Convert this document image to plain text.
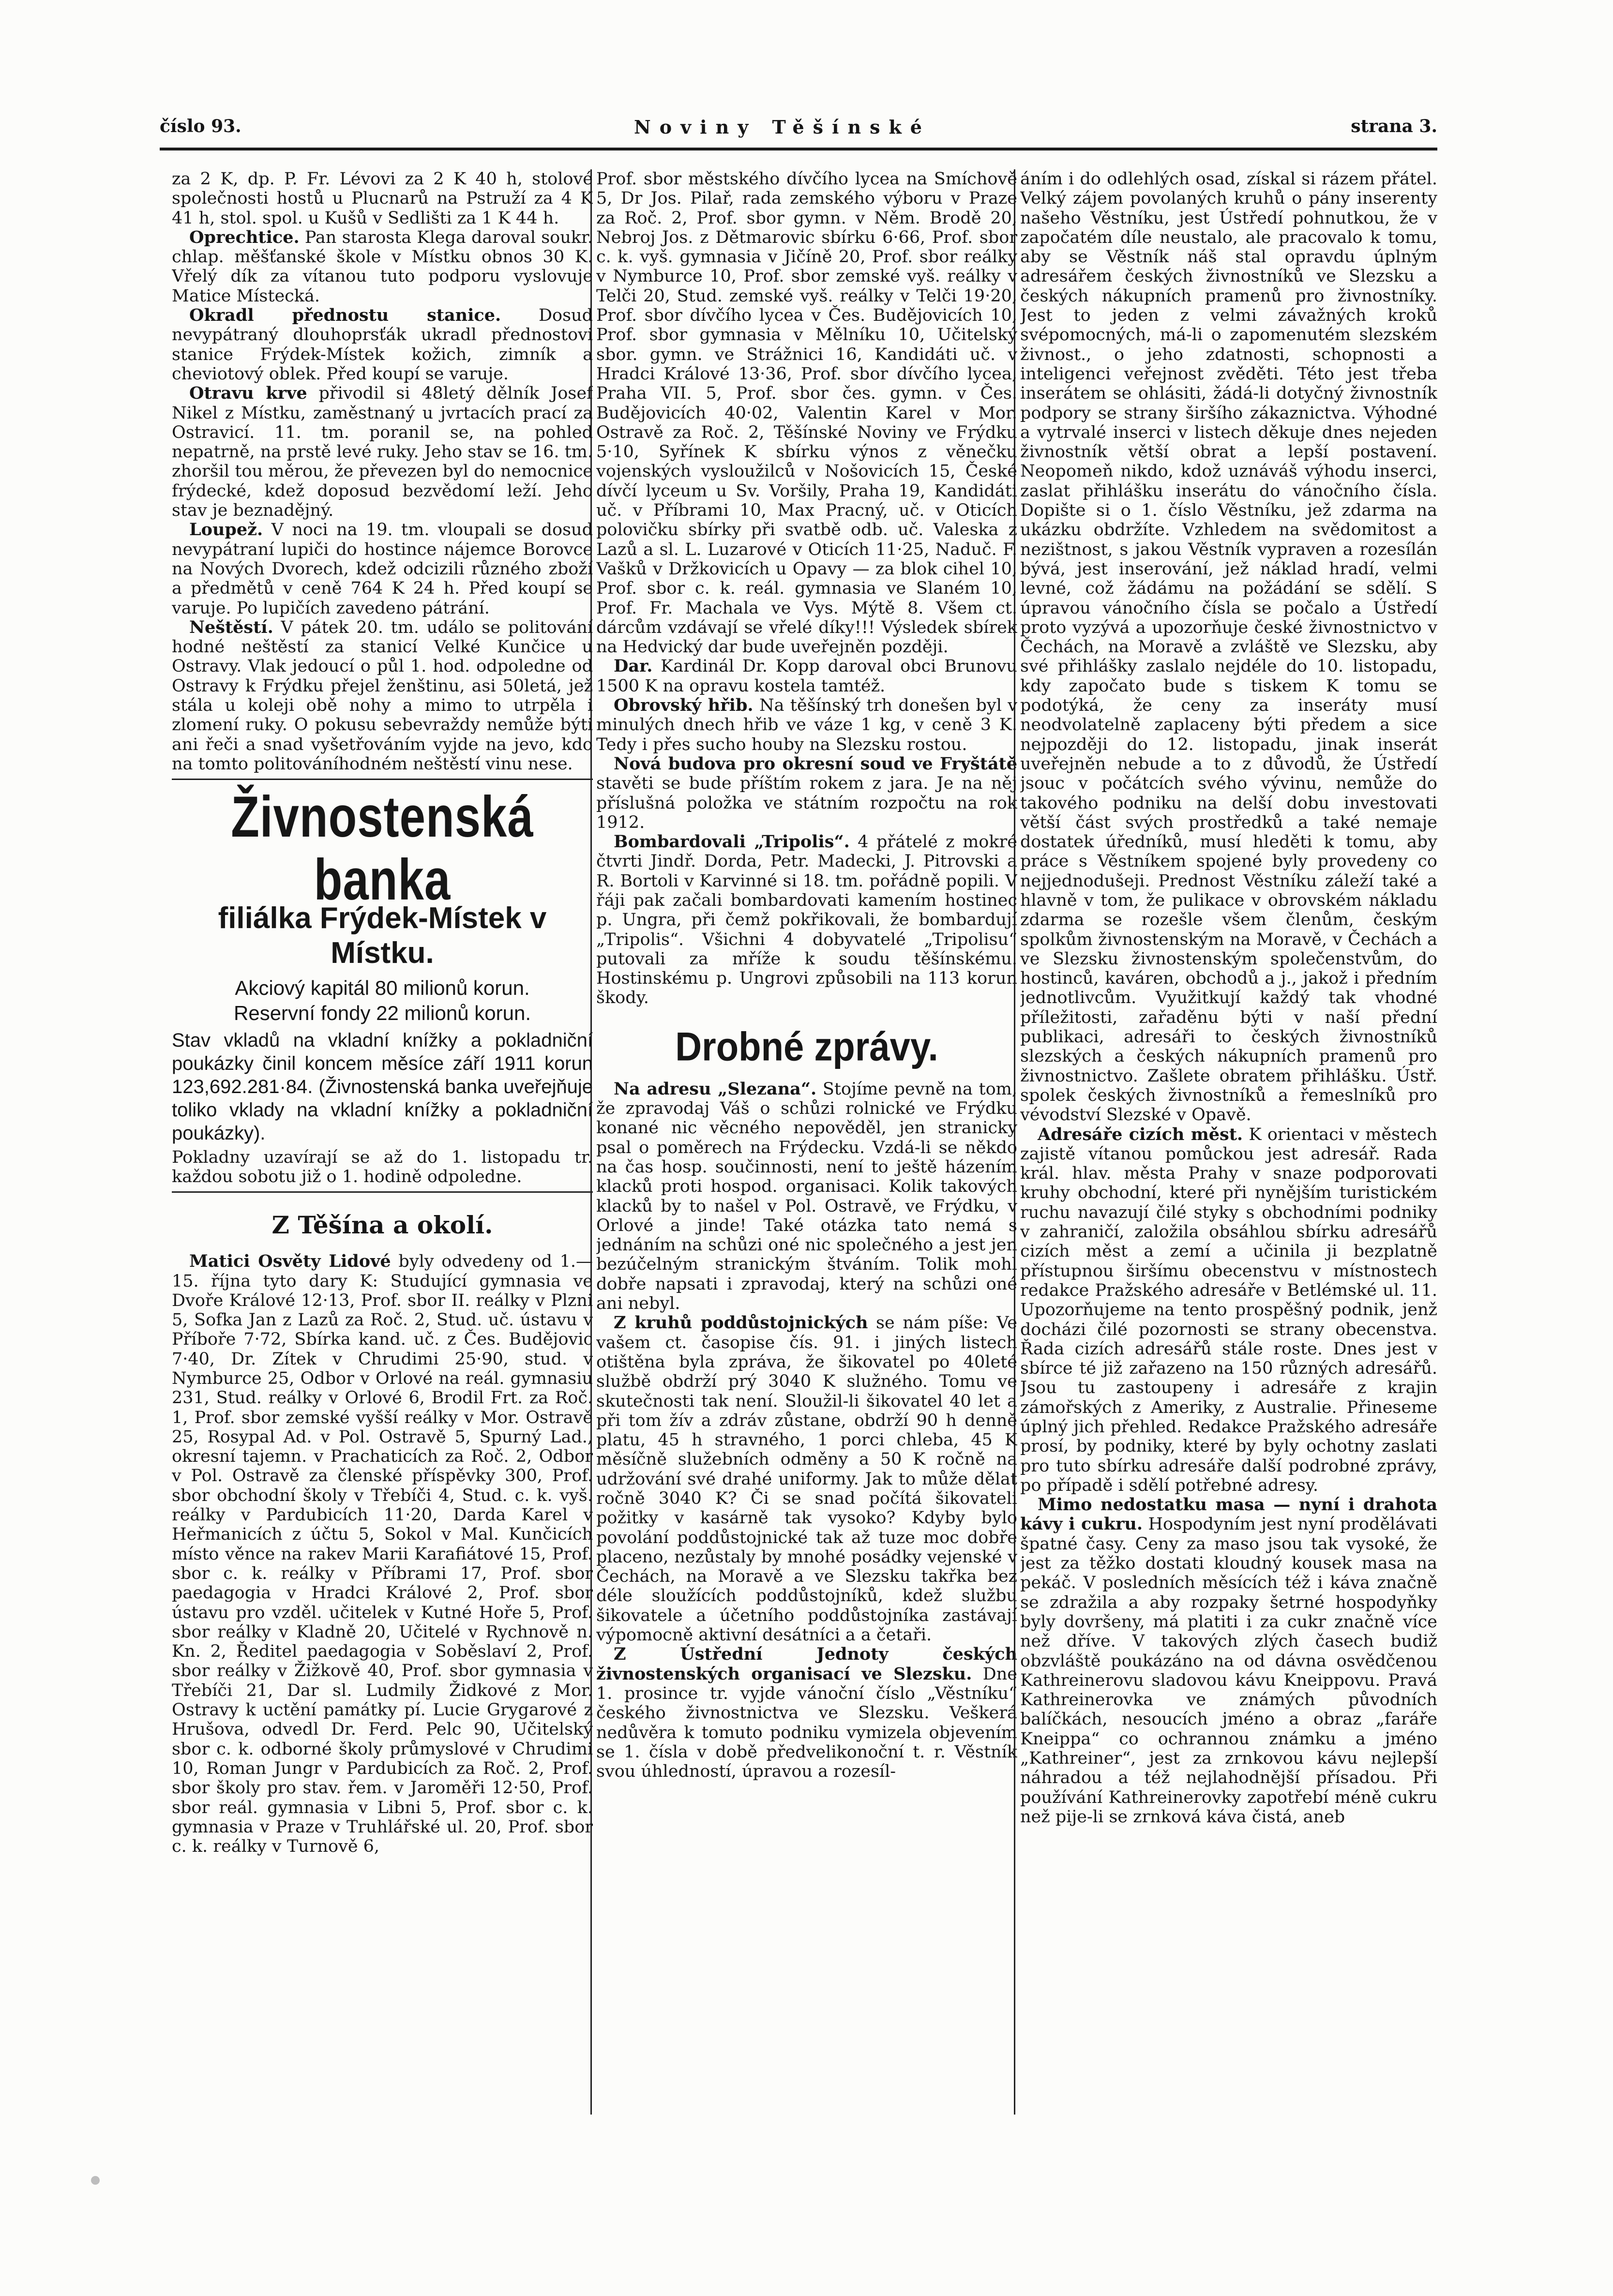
číslo 93.	Noviny Těšínské	strana 3.

za 2 K, dp. P. Fr. Lévovi za 2 K 40 h, stolové společnosti hostů u Plucnarů na Pstruží za 4 K 41 h, stol. spol. u Kušů v Sedlišti za 1 K 44 h.

Oprechtice. Pan starosta Klega daroval soukr. chlap. měšťanské škole v Místku obnos 30 K. Vřelý dík za vítanou tuto podporu vyslovuje Matice Místecká.

Okradl přednostu stanice. Dosud nevypátraný dlouhoprsťák ukradl přednostovi stanice Frýdek-Místek kožich, zimník a cheviotový oblek. Před koupí se varuje.

Otravu krve přivodil si 48letý dělník Josef Nikel z Místku, zaměstnaný u jvrtacích prací za Ostravicí. 11. tm. poranil se, na pohled nepatrně, na prstě levé ruky. Jeho stav se 16. tm. zhoršil tou měrou, že převezen byl do nemocnice frýdecké, kdež doposud bezvědomí leží. Jeho stav je beznadějný.

Loupež. V noci na 19. tm. vloupali se dosud nevypátraní lupiči do hostince nájemce Borovce na Nových Dvorech, kdež odcizili různého zboží a předmětů v ceně 764 K 24 h. Před koupí se varuje. Po lupičích zavedeno pátrání.

Neštěstí. V pátek 20. tm. událo se politování hodné neštěstí za stanicí Velké Kunčice u Ostravy. Vlak jedoucí o půl 1. hod. odpoledne od Ostravy k Frýdku přejel ženštinu, asi 50letá, jež stála u koleji obě nohy a mimo to utrpěla i zlomení ruky. O pokusu sebevraždy nemůže býti ani řeči a snad vyšetřováním vyjde na jevo, kdo na tomto politováníhodném neštěstí vinu nese.

Živnostenská banka
filiálka Frýdek-Místek v Místku.
Akciový kapitál 80 milionů korun.
Reservní fondy 22 milionů korun.
Stav vkladů na vkladní knížky a pokladniční poukázky činil koncem měsíce září 1911 korun 123,692.281·84. (Živnostenská banka uveřejňuje toliko vklady na vkladní knížky a pokladniční poukázky).
Pokladny uzavírají se až do 1. listopadu tr. každou sobotu již o 1. hodině odpoledne.
Z Těšína a okolí.

Matici Osvěty Lidové byly odvedeny od 1.—15. října tyto dary K: Studující gymnasia ve Dvoře Králové 12·13, Prof. sbor II. reálky v Plzni 5, Sofka Jan z Lazů za Roč. 2, Stud. uč. ústavu v Příboře 7·72, Sbírka kand. uč. z Čes. Budějovic 7·40, Dr. Zítek v Chrudimi 25·90, stud. v Nymburce 25, Odbor v Orlové na reál. gymnasiu 231, Stud. reálky v Orlové 6, Brodil Frt. za Roč. 1, Prof. sbor zemské vyšší reálky v Mor. Ostravě 25, Rosypal Ad. v Pol. Ostravě 5, Spurný Lad., okresní tajemn. v Prachaticích za Roč. 2, Odbor v Pol. Ostravě za členské příspěvky 300, Prof. sbor obchodní školy v Třebíči 4, Stud. c. k. vyš. reálky v Pardubicích 11·20, Darda Karel v Heřmanicích z účtu 5, Sokol v Mal. Kunčicích místo věnce na rakev Marii Karafiátové 15, Prof. sbor c. k. reálky v Příbrami 17, Prof. sbor paedagogia v Hradci Králové 2, Prof. sbor ústavu pro vzděl. učitelek v Kutné Hoře 5, Prof. sbor reálky v Kladně 20, Učitelé v Rychnově n. Kn. 2, Ředitel paedagogia v Soběslaví 2, Prof. sbor reálky v Žižkově 40, Prof. sbor gymnasia v Třebíči 21, Dar sl. Ludmily Židkové z Mor. Ostravy k uctění památky pí. Lucie Grygarové z Hrušova, odvedl Dr. Ferd. Pelc 90, Učitelský sbor c. k. odborné školy průmyslové v Chrudimi 10, Roman Jungr v Pardubicích za Roč. 2, Prof. sbor školy pro stav. řem. v Jaroměři 12·50, Prof. sbor reál. gymnasia v Libni 5, Prof. sbor c. k. gymnasia v Praze v Truhlářské ul. 20, Prof. sbor c. k. reálky v Turnově 6,

Prof. sbor městského dívčího lycea na Smíchově 5, Dr Jos. Pilař, rada zemského výboru v Praze za Roč. 2, Prof. sbor gymn. v Něm. Brodě 20, Nebroj Jos. z Dětmarovic sbírku 6·66, Prof. sbor c. k. vyš. gymnasia v Jičíně 20, Prof. sbor reálky v Nymburce 10, Prof. sbor zemské vyš. reálky v Telči 20, Stud. zemské vyš. reálky v Telči 19·20, Prof. sbor dívčího lycea v Čes. Budějovicích 10, Prof. sbor gymnasia v Mělníku 10, Učitelský sbor. gymn. ve Strážnici 16, Kandidáti uč. v Hradci Králové 13·36, Prof. sbor dívčího lycea, Praha VII. 5, Prof. sbor čes. gymn. v Čes. Budějovicích 40·02, Valentin Karel v Mor. Ostravě za Roč. 2, Těšínské Noviny ve Frýdku 5·10, Syřínek K sbírku výnos z věnečku vojenských vysloužilců v Nošovicích 15, České dívčí lyceum u Sv. Voršily, Praha 19, Kandidáti uč. v Příbrami 10, Max Pracný, uč. v Oticích polovičku sbírky při svatbě odb. uč. Valeska z Lazů a sl. L. Luzarové v Oticích 11·25, Naduč. F. Vašků v Držkovicích u Opavy — za blok cihel 10, Prof. sbor c. k. reál. gymnasia ve Slaném 10, Prof. Fr. Machala ve Vys. Mýtě 8. Všem ct. dárcům vzdávají se vřelé díky!!! Výsledek sbírek na Hedvický dar bude uveřejněn později.

Dar. Kardinál Dr. Kopp daroval obci Brunovu 1500 K na opravu kostela tamtéž.

Obrovský hřib. Na těšínský trh donešen byl v minulých dnech hřib ve váze 1 kg, v ceně 3 K. Tedy i přes sucho houby na Slezsku rostou.

Nová budova pro okresní soud ve Fryštátě stavěti se bude příštím rokem z jara. Je na něj příslušná položka ve státním rozpočtu na rok 1912.

Bombardovali „Tripolis“. 4 přátelé z mokré čtvrti Jindř. Dorda, Petr. Madecki, J. Pitrovski a R. Bortoli v Karvinné si 18. tm. pořádně popili. V řáji pak začali bombardovati kamením hostinec p. Ungra, při čemž pokřikovali, že bombardují „Tripolis“. Všichni 4 dobyvatelé „Tripolisu“ putovali za mříže k soudu těšínskému. Hostinskému p. Ungrovi způsobili na 113 korun škody.

Drobné zprávy.

Na adresu „Slezana“. Stojíme pevně na tom, že zpravodaj Váš o schůzi rolnické ve Frýdku konané nic věcného nepověděl, jen stranicky psal o poměrech na Frýdecku. Vzdá-li se někdo na čas hosp. součinnosti, není to ještě házením klacků proti hospod. organisaci. Kolik takových klacků by to našel v Pol. Ostravě, ve Frýdku, v Orlové a jinde! Také otázka tato nemá s jednáním na schůzi oné nic společného a jest jen bezúčelným stranickým štváním. Tolik mohl dobře napsati i zpravodaj, který na schůzi oné ani nebyl.

Z kruhů poddůstojnických se nám píše: Ve vašem ct. časopise čís. 91. i jiných listech otištěna byla zpráva, že šikovatel po 40leté službě obdrží prý 3040 K služného. Tomu ve skutečnosti tak není. Sloužil-li šikovatel 40 let a při tom žív a zdráv zůstane, obdrží 90 h denně platu, 45 h stravného, 1 porci chleba, 45 K měsíčně služebních odměny a 50 K ročně na udržování své drahé uniformy. Jak to může dělat ročně 3040 K? Či se snad počítá šikovateli požitky v kasárně tak vysoko? Kdyby bylo povolání poddůstojnické tak až tuze moc dobře placeno, nezůstaly by mnohé posádky vejenské v Čechách, na Moravě a ve Slezsku takřka bez déle sloužících poddůstojníků, kdež službu šikovatele a účetního poddůstojníka zastávají výpomocně aktivní desátníci a a četaři.

Z Ústřední Jednoty českých živnostenských organisací ve Slezsku. Dne 1. prosince tr. vyjde vánoční číslo „Věstníku“ českého živnostnictva ve Slezsku. Veškerá nedůvěra k tomuto podniku vymizela objevením se 1. čísla v době předvelikonoční t. r. Věstník svou úhledností, úpravou a rozesíl-

áním i do odlehlých osad, získal si rázem přátel. Velký zájem povolaných kruhů o pány inserenty našeho Věstníku, jest Ústředí pohnutkou, že v započatém díle neustalo, ale pracovalo k tomu, aby se Věstník náš stal opravdu úplným adresářem českých živnostníků ve Slezsku a českých nákupních pramenů pro živnostníky. Jest to jeden z velmi závažných kroků svépomocných, má-li o zapomenutém slezském živnost., o jeho zdatnosti, schopnosti a inteligenci veřejnost zvěděti. Této jest třeba inserátem se ohlásiti, žádá-li dotyčný živnostník podpory se strany širšího zákaznictva. Výhodné a vytrvalé inserci v listech děkuje dnes nejeden živnostník větší obrat a lepší postavení. Neopomeň nikdo, kdož uznáváš výhodu inserci, zaslat přihlášku inserátu do vánočního čísla. Dopište si o 1. číslo Věstníku, jež zdarma na ukázku obdržíte. Vzhledem na svědomitost a nezištnost, s jakou Věstník vypraven a rozesílán bývá, jest inserování, jež náklad hradí, velmi levné, což žádámu na požádání se sdělí. S úpravou vánočního čísla se počalo a Ústředí proto vyzývá a upozorňuje české živnostnictvo v Čechách, na Moravě a zvláště ve Slezsku, aby své přihlášky zaslalo nejdéle do 10. listopadu, kdy započato bude s tiskem K tomu se podotýká, že ceny za inseráty musí neodvolatelně zaplaceny býti předem a sice nejpozději do 12. listopadu, jinak inserát uveřejněn nebude a to z důvodů, že Ústředí jsouc v počátcích svého vývinu, nemůže do takového podniku na delší dobu investovati větší část svých prostředků a také nemaje dostatek úředníků, musí hleděti k tomu, aby práce s Věstníkem spojené byly provedeny co nejjednodušeji. Prednost Věstníku záleží také a hlavně v tom, že pulikace v obrovském nákladu zdarma se rozešle všem členům, českým spolkům živnostenským na Moravě, v Čechách a ve Slezsku živnostenským společenstvům, do hostinců, kaváren, obchodů a j., jakož i předním jednotlivcům. Využitkují každý tak vhodné příležitosti, zařaděnu býti v naší přední publikaci, adresáři to českých živnostníků slezských a českých nákupních pramenů pro živnostnictvo. Zašlete obratem přihlášku. Ústř. spolek českých živnostníků a řemeslníků pro vévodství Slezské v Opavě.

Adresáře cizích měst. K orientaci v městech zajistě vítanou pomůckou jest adresář. Rada král. hlav. města Prahy v snaze podporovati kruhy obchodní, které při nynějším turistickém ruchu navazují čilé styky s obchodními podniky v zahraničí, založila obsáhlou sbírku adresářů cizích měst a zemí a učinila ji bezplatně přístupnou širšímu obecenstvu v místnostech redakce Pražského adresáře v Betlémské ul. 11. Upozorňujeme na tento prospěšný podnik, jenž docházi čilé pozornosti se strany obecenstva. Řada cizích adresářů stále roste. Dnes jest v sbírce té již zařazeno na 150 různých adresářů. Jsou tu zastoupeny i adresáře z krajin zámořských z Ameriky, z Australie. Přineseme úplný jich přehled. Redakce Pražského adresáře prosí, by podniky, které by byly ochotny zaslati pro tuto sbírku adresáře další podrobné zprávy, po případě i sdělí potřebné adresy.

Mimo nedostatku masa — nyní i drahota kávy i cukru. Hospodyním jest nyní prodělávati špatné časy. Ceny za maso jsou tak vysoké, že jest za těžko dostati kloudný kousek masa na pekáč. V posledních měsících též i káva značně se zdražila a aby rozpaky šetrné hospodyňky byly dovršeny, má platiti i za cukr značně více než dříve. V takových zlých časech budiž obzvláště poukázáno na od dávna osvědčenou Kathreinerovu sladovou kávu Kneippovu. Pravá Kathreinerovka ve známých původních balíčkách, nesoucích jméno a obraz „faráře Kneippa“ co ochrannou známku a jméno „Kathreiner“, jest za zrnkovou kávu nejlepší náhradou a též nejlahodnější přísadou. Při používání Kathreinerovky zapotřebí méně cukru než pije-li se zrnková káva čistá, aneb
